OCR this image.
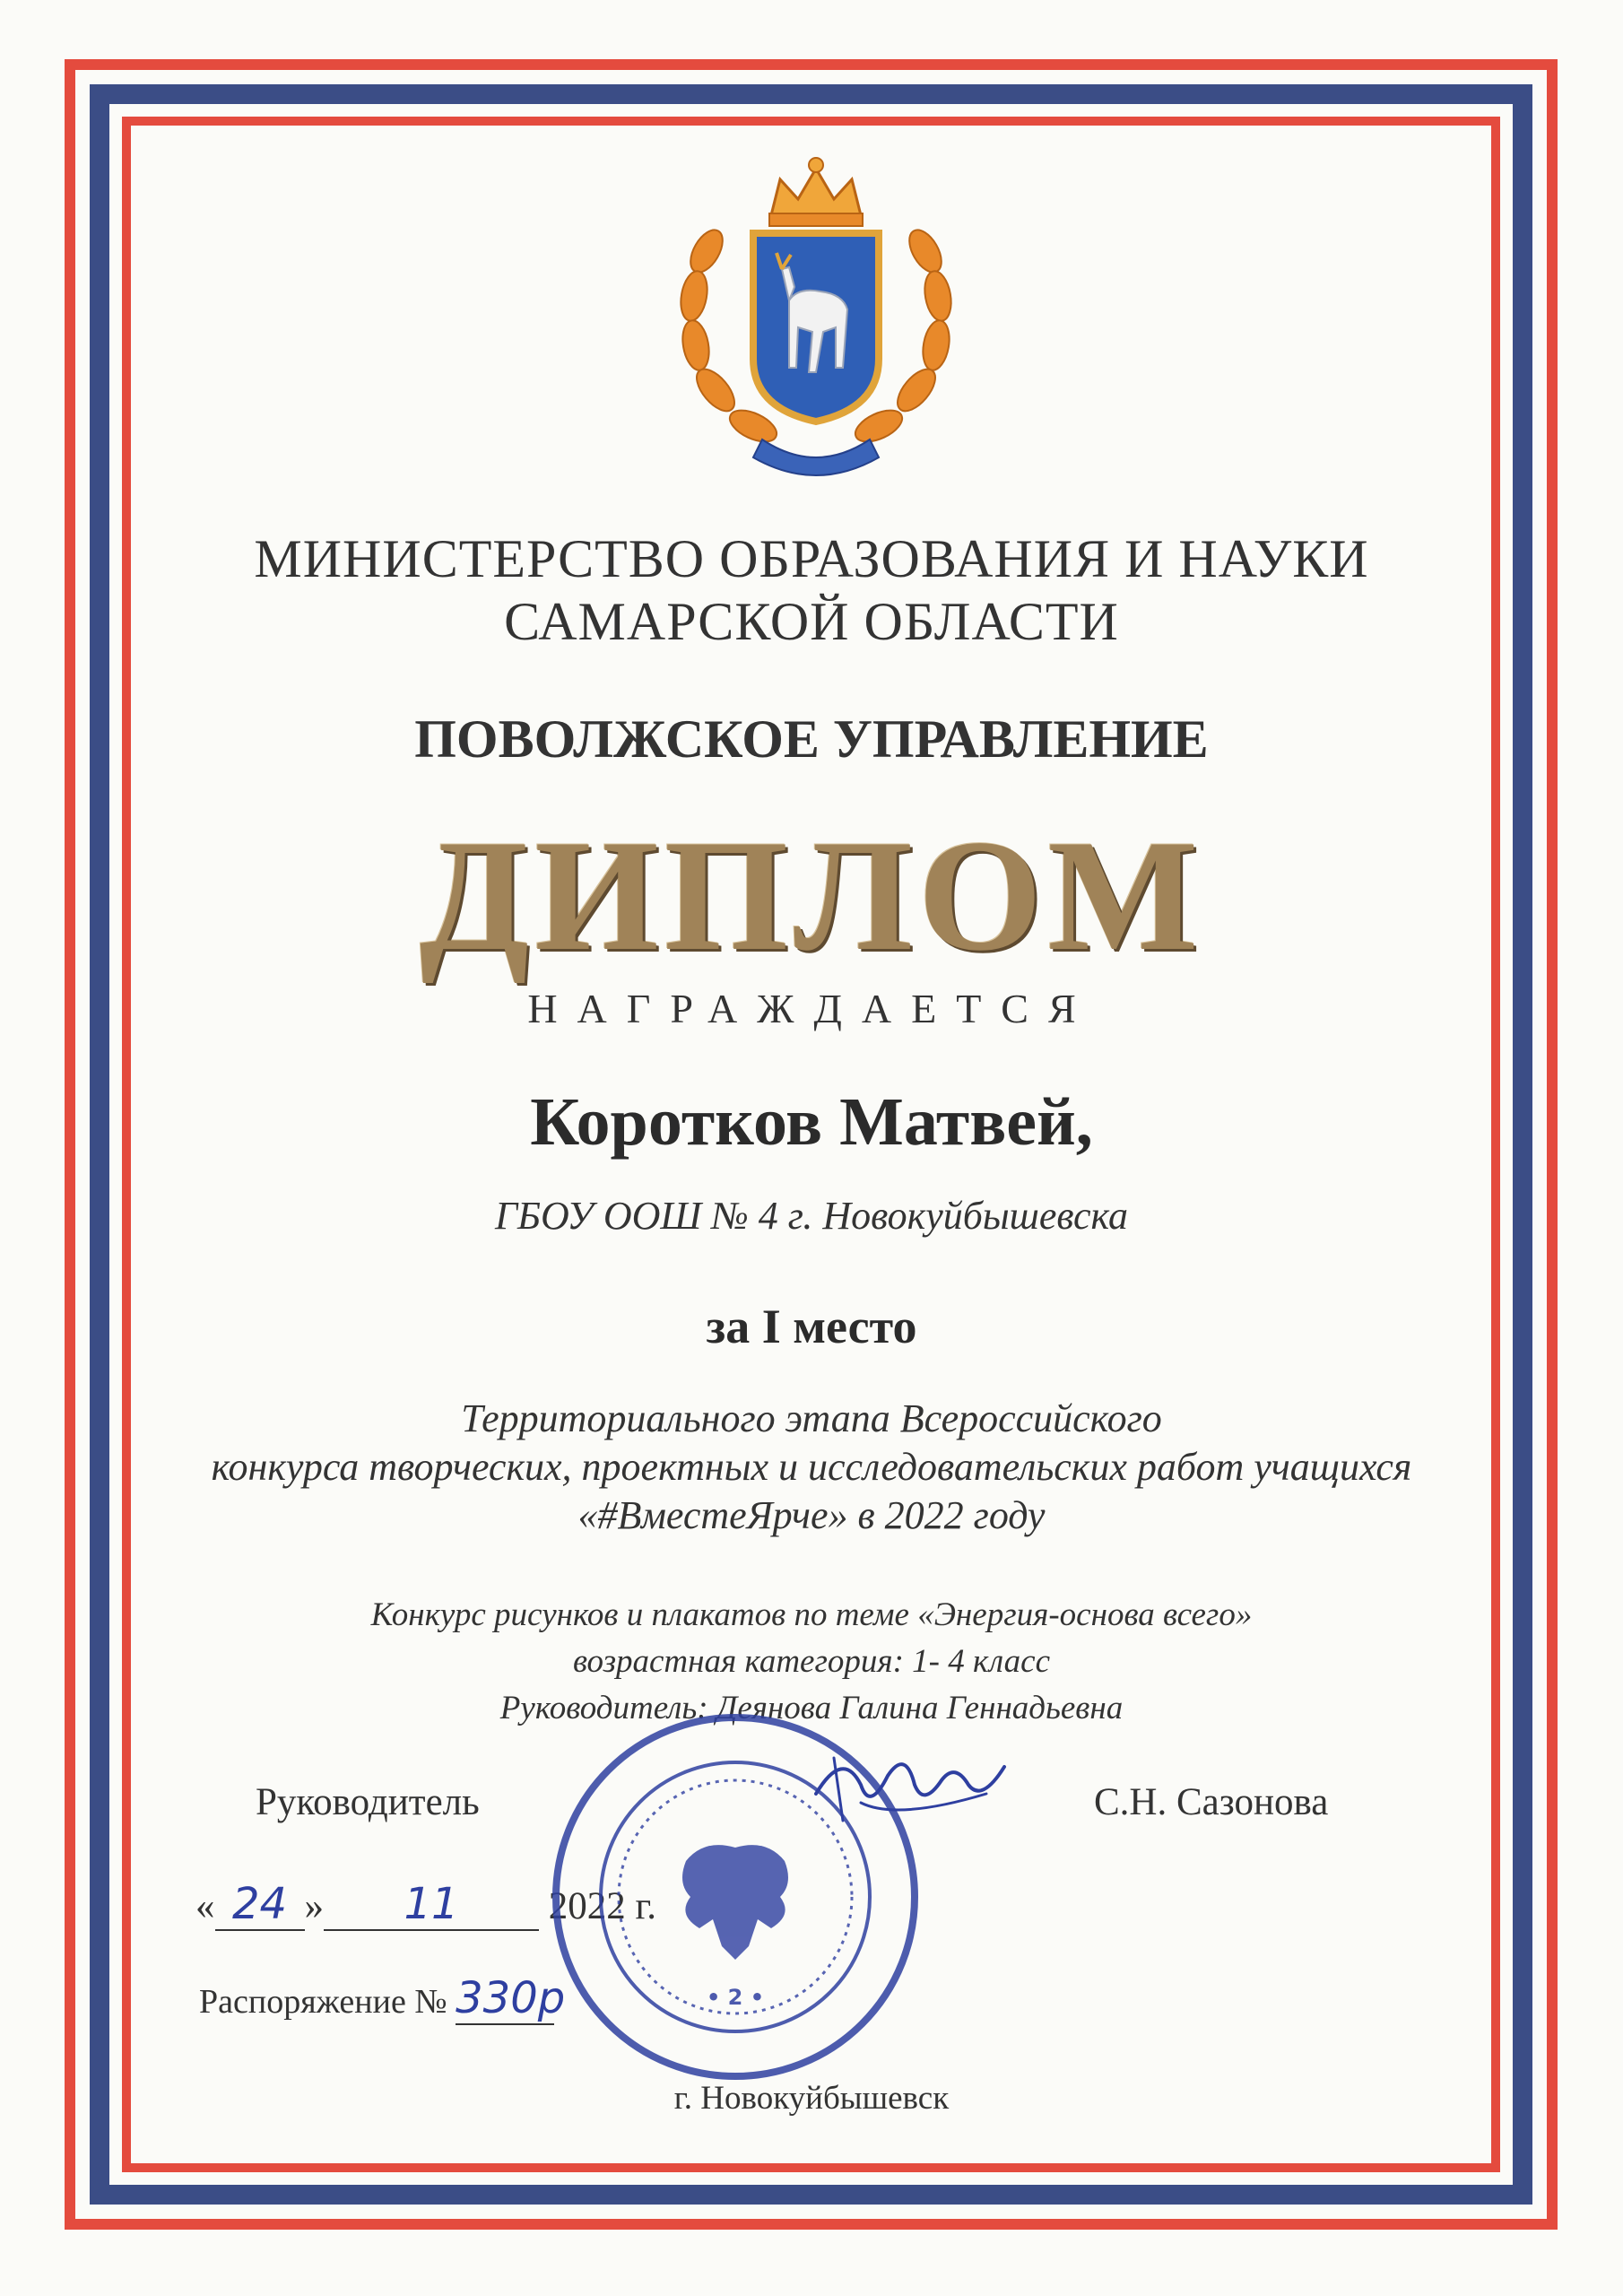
МИНИСТЕРСТВО ОБРАЗОВАНИЯ И НАУКИ
САМАРСКОЙ ОБЛАСТИ
ПОВОЛЖСКОЕ УПРАВЛЕНИЕ
ДИПЛОМ
НАГРАЖДАЕТСЯ
Коротков Матвей,
ГБОУ ООШ № 4 г. Новокуйбышевска
за I место
Территориального этапа Всероссийского
конкурса творческих, проектных и исследовательских работ учащихся
«#ВместеЯрче» в 2022 году
Конкурс рисунков и плакатов по теме «Энергия-основа всего»
возрастная категория: 1- 4 класс
Руководитель: Деянова Галина Геннадьевна
Руководитель	С.Н. Сазонова
« 24 » 11 2022 г.
Распоряжение № 330р	• 2 •
г. Новокуйбышевск
